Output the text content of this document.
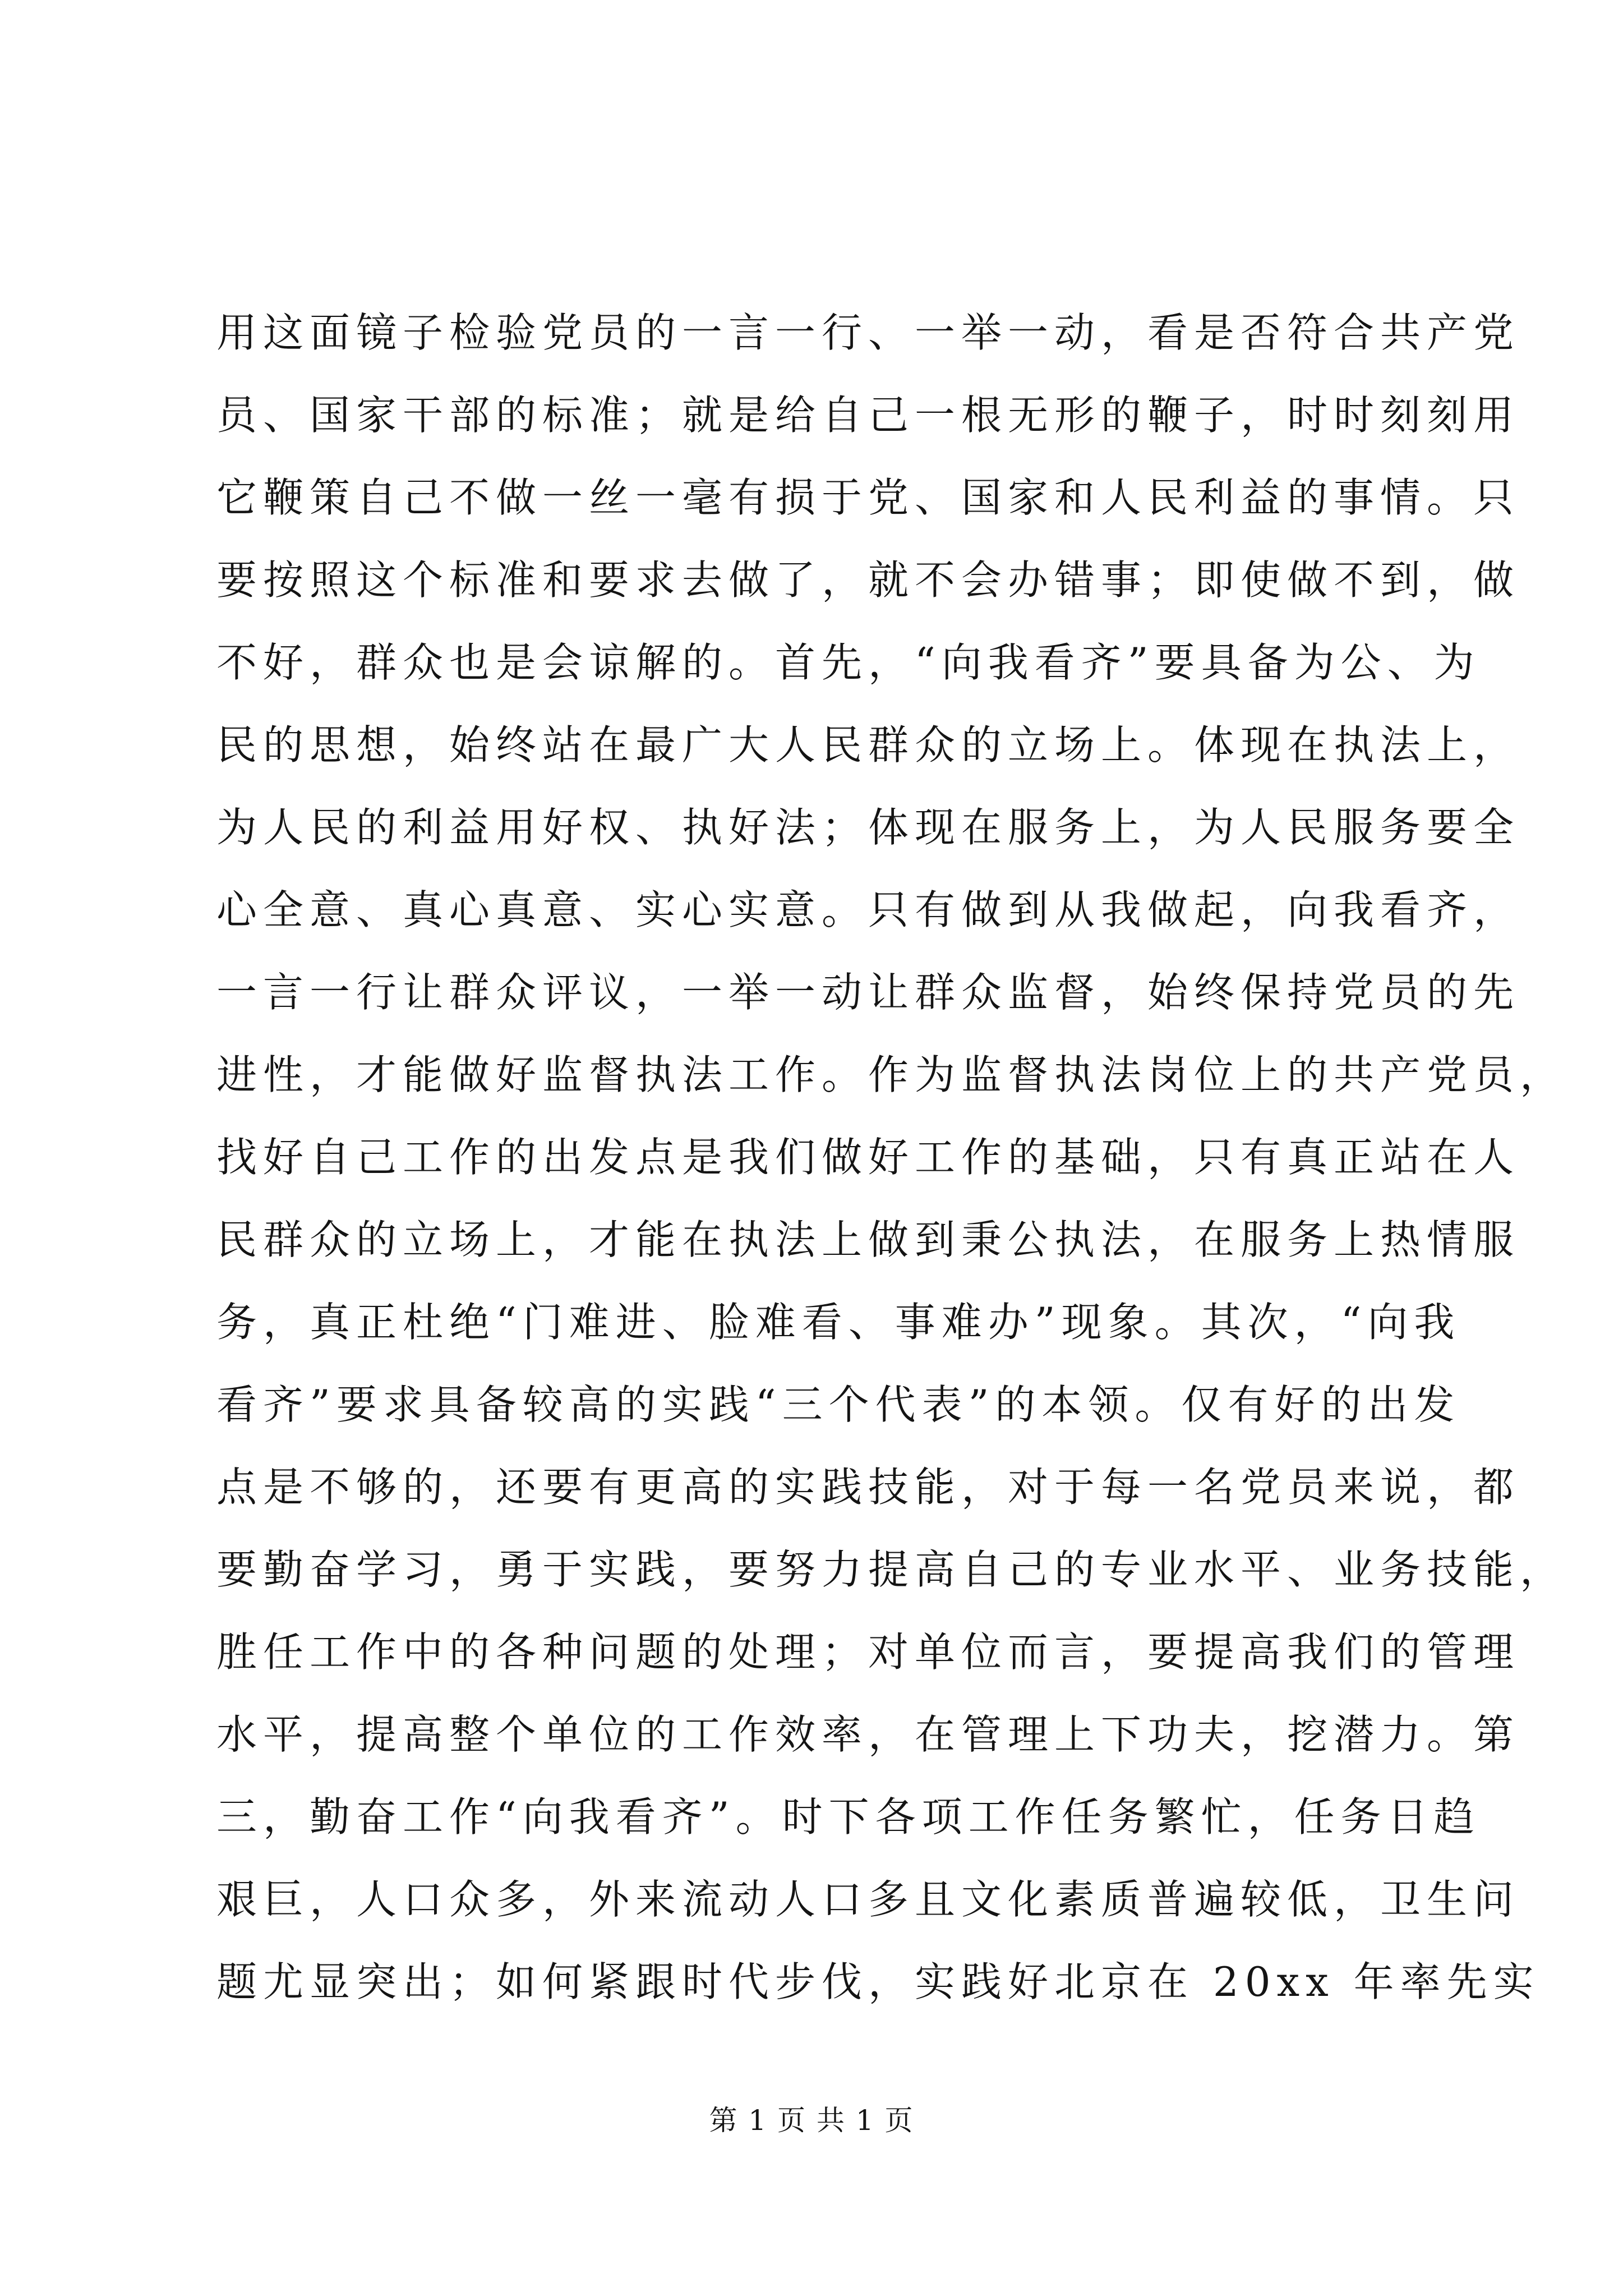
用这面镜子检验党员的一言一行、一举一动，看是否符合共产党
员、国家干部的标准；就是给自己一根无形的鞭子，时时刻刻用
它鞭策自己不做一丝一毫有损于党、国家和人民利益的事情。只
要按照这个标准和要求去做了，就不会办错事；即使做不到，做
不好，群众也是会谅解的。首先，“向我看齐”要具备为公、为
民的思想，始终站在最广大人民群众的立场上。体现在执法上，
为人民的利益用好权、执好法；体现在服务上，为人民服务要全
心全意、真心真意、实心实意。只有做到从我做起，向我看齐，
一言一行让群众评议，一举一动让群众监督，始终保持党员的先
进性，才能做好监督执法工作。作为监督执法岗位上的共产党员，
找好自己工作的出发点是我们做好工作的基础，只有真正站在人
民群众的立场上，才能在执法上做到秉公执法，在服务上热情服
务，真正杜绝“门难进、脸难看、事难办”现象。其次，“向我
看齐”要求具备较高的实践“三个代表”的本领。仅有好的出发
点是不够的，还要有更高的实践技能，对于每一名党员来说，都
要勤奋学习，勇于实践，要努力提高自己的专业水平、业务技能，
胜任工作中的各种问题的处理；对单位而言，要提高我们的管理
水平，提高整个单位的工作效率，在管理上下功夫，挖潜力。第
三，勤奋工作“向我看齐”。时下各项工作任务繁忙，任务日趋
艰巨，人口众多，外来流动人口多且文化素质普遍较低，卫生问
题尤显突出；如何紧跟时代步伐，实践好北京在 20xx 年率先实
第 1 页 共 1 页
